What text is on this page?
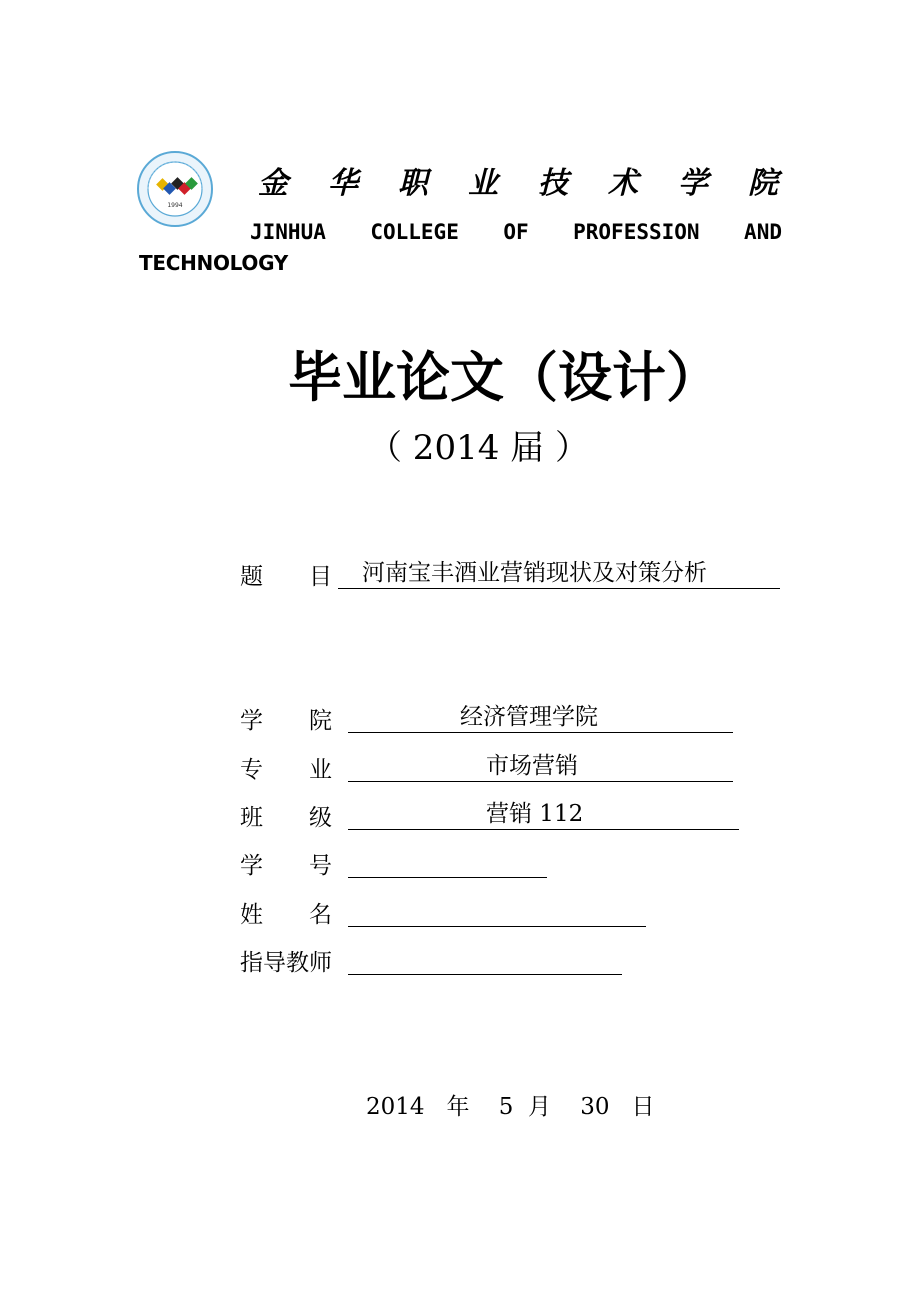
1994
金 华 职 业 技 术 学 院
JINHUA COLLEGE OF PROFESSION AND
TECHNOLOGY
毕业论文（设计）
（ 2014 届 ）
题　　目 河南宝丰酒业营销现状及对策分析
学　　院	经济管理学院
专　　业	市场营销
班　　级	营销 112
学　　号
姓　　名
指导教师
2014 年 5 月 30 日
